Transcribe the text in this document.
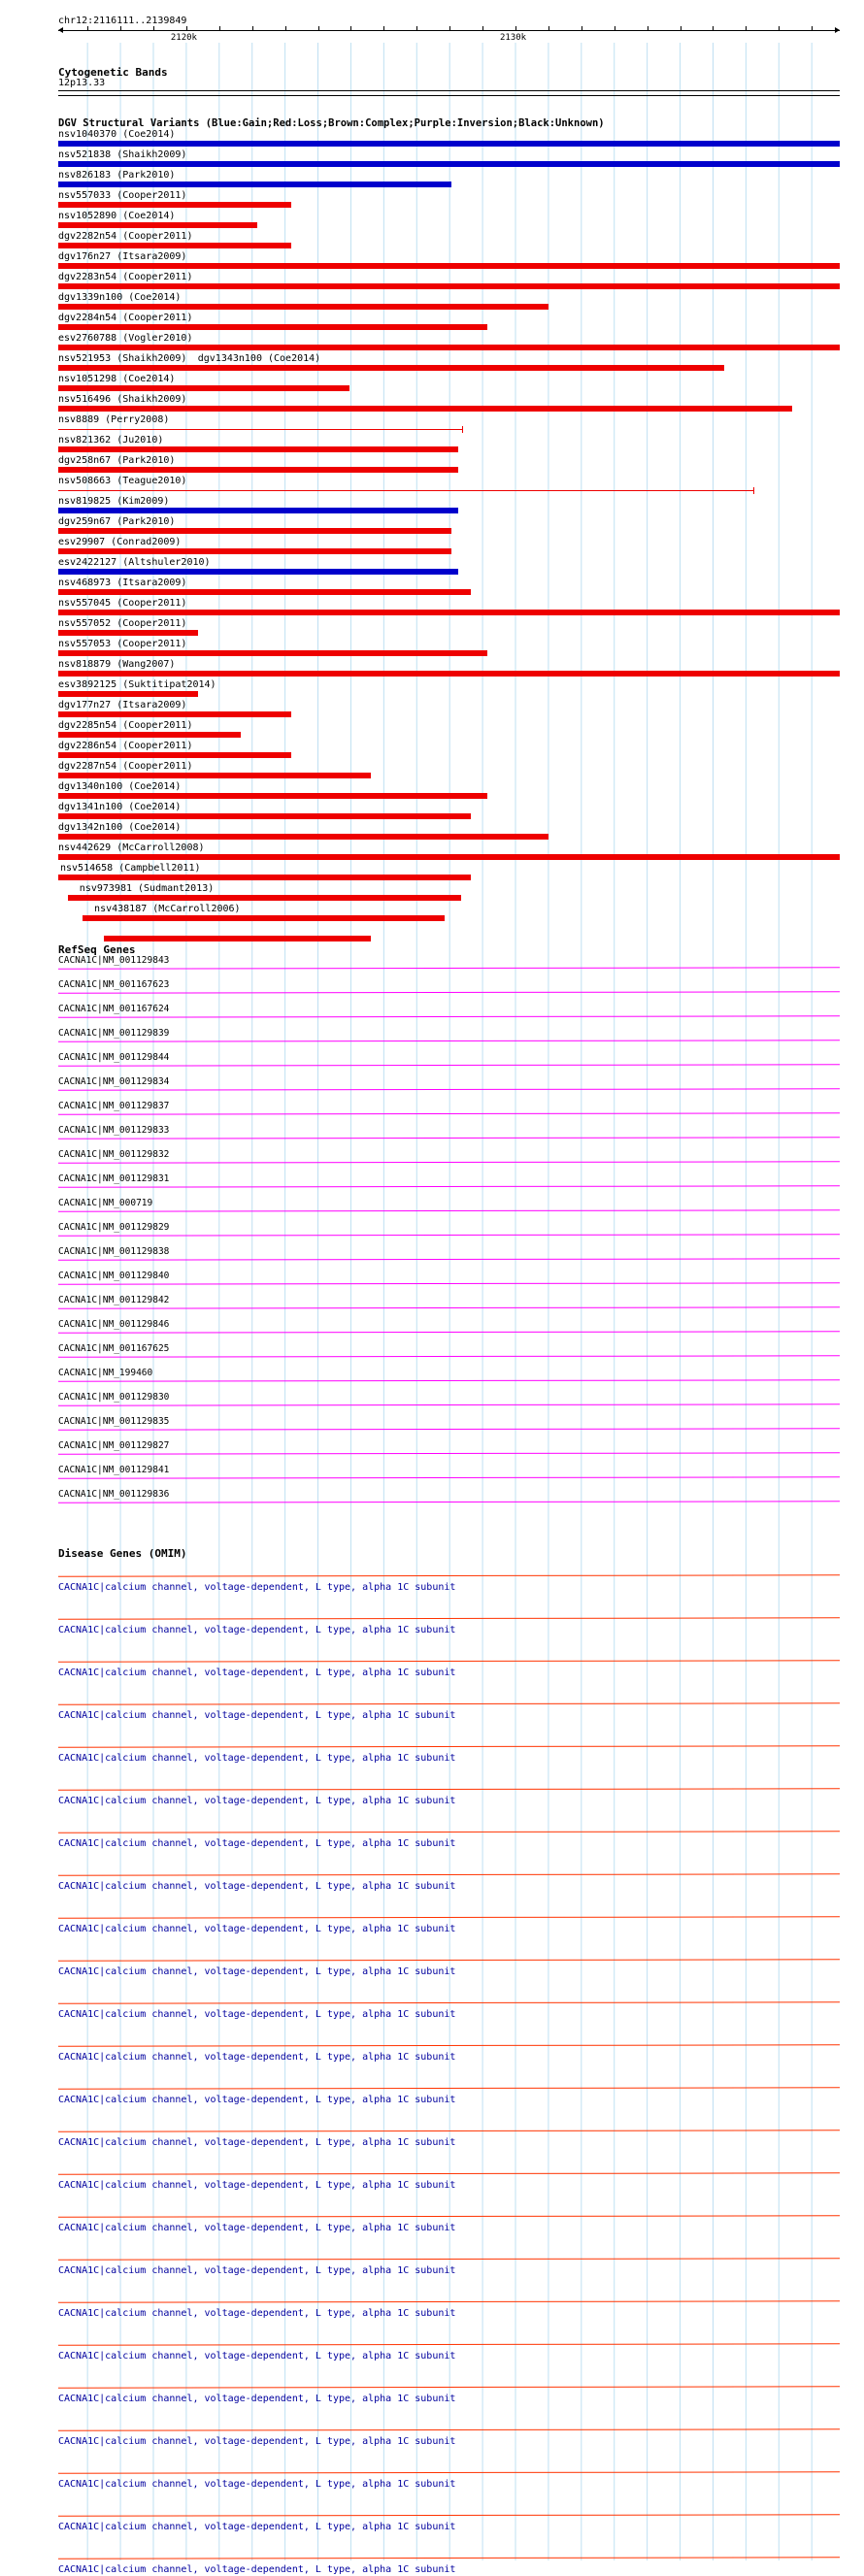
chr12:2116111..2139849
2120k	2130k
Cytogenetic Bands
12p13.33
DGV Structural Variants (Blue:Gain;Red:Loss;Brown:Complex;Purple:Inversion;Black:Unknown)
nsv1040370 (Coe2014)
nsv521838 (Shaikh2009)
nsv826183 (Park2010)
nsv557033 (Cooper2011)
nsv1052890 (Coe2014)
dgv2282n54 (Cooper2011)
dgv176n27 (Itsara2009)
dgv2283n54 (Cooper2011)
dgv1339n100 (Coe2014)
dgv2284n54 (Cooper2011)
esv2760788 (Vogler2010)
nsv521953 (Shaikh2009) dgv1343n100 (Coe2014)
nsv1051298 (Coe2014)
nsv516496 (Shaikh2009)
nsv8889 (Perry2008)
nsv821362 (Ju2010)
dgv258n67 (Park2010)
nsv508663 (Teague2010)
nsv819825 (Kim2009)
dgv259n67 (Park2010)
esv29907 (Conrad2009)
esv2422127 (Altshuler2010)
nsv468973 (Itsara2009)
nsv557045 (Cooper2011)
nsv557052 (Cooper2011)
nsv557053 (Cooper2011)
nsv818879 (Wang2007)
esv3892125 (Suktitipat2014)
dgv177n27 (Itsara2009)
dgv2285n54 (Cooper2011)
dgv2286n54 (Cooper2011)
dgv2287n54 (Cooper2011)
dgv1340n100 (Coe2014)
dgv1341n100 (Coe2014)
dgv1342n100 (Coe2014)
nsv442629 (McCarroll2008)
nsv514658 (Campbell2011)
nsv973981 (Sudmant2013)
nsv438187 (McCarroll2006)
RefSeq Genes
CACNA1C|NM_001129843
CACNA1C|NM_001167623
CACNA1C|NM_001167624
CACNA1C|NM_001129839
CACNA1C|NM_001129844
CACNA1C|NM_001129834
CACNA1C|NM_001129837
CACNA1C|NM_001129833
CACNA1C|NM_001129832
CACNA1C|NM_001129831
CACNA1C|NM_000719
CACNA1C|NM_001129829
CACNA1C|NM_001129838
CACNA1C|NM_001129840
CACNA1C|NM_001129842
CACNA1C|NM_001129846
CACNA1C|NM_001167625
CACNA1C|NM_199460
CACNA1C|NM_001129830
CACNA1C|NM_001129835
CACNA1C|NM_001129827
CACNA1C|NM_001129841
CACNA1C|NM_001129836
Disease Genes (OMIM)
CACNA1C|calcium channel, voltage-dependent, L type, alpha 1C subunit
CACNA1C|calcium channel, voltage-dependent, L type, alpha 1C subunit
CACNA1C|calcium channel, voltage-dependent, L type, alpha 1C subunit
CACNA1C|calcium channel, voltage-dependent, L type, alpha 1C subunit
CACNA1C|calcium channel, voltage-dependent, L type, alpha 1C subunit
CACNA1C|calcium channel, voltage-dependent, L type, alpha 1C subunit
CACNA1C|calcium channel, voltage-dependent, L type, alpha 1C subunit
CACNA1C|calcium channel, voltage-dependent, L type, alpha 1C subunit
CACNA1C|calcium channel, voltage-dependent, L type, alpha 1C subunit
CACNA1C|calcium channel, voltage-dependent, L type, alpha 1C subunit
CACNA1C|calcium channel, voltage-dependent, L type, alpha 1C subunit
CACNA1C|calcium channel, voltage-dependent, L type, alpha 1C subunit
CACNA1C|calcium channel, voltage-dependent, L type, alpha 1C subunit
CACNA1C|calcium channel, voltage-dependent, L type, alpha 1C subunit
CACNA1C|calcium channel, voltage-dependent, L type, alpha 1C subunit
CACNA1C|calcium channel, voltage-dependent, L type, alpha 1C subunit
CACNA1C|calcium channel, voltage-dependent, L type, alpha 1C subunit
CACNA1C|calcium channel, voltage-dependent, L type, alpha 1C subunit
CACNA1C|calcium channel, voltage-dependent, L type, alpha 1C subunit
CACNA1C|calcium channel, voltage-dependent, L type, alpha 1C subunit
CACNA1C|calcium channel, voltage-dependent, L type, alpha 1C subunit
CACNA1C|calcium channel, voltage-dependent, L type, alpha 1C subunit
CACNA1C|calcium channel, voltage-dependent, L type, alpha 1C subunit
CACNA1C|calcium channel, voltage-dependent, L type, alpha 1C subunit
